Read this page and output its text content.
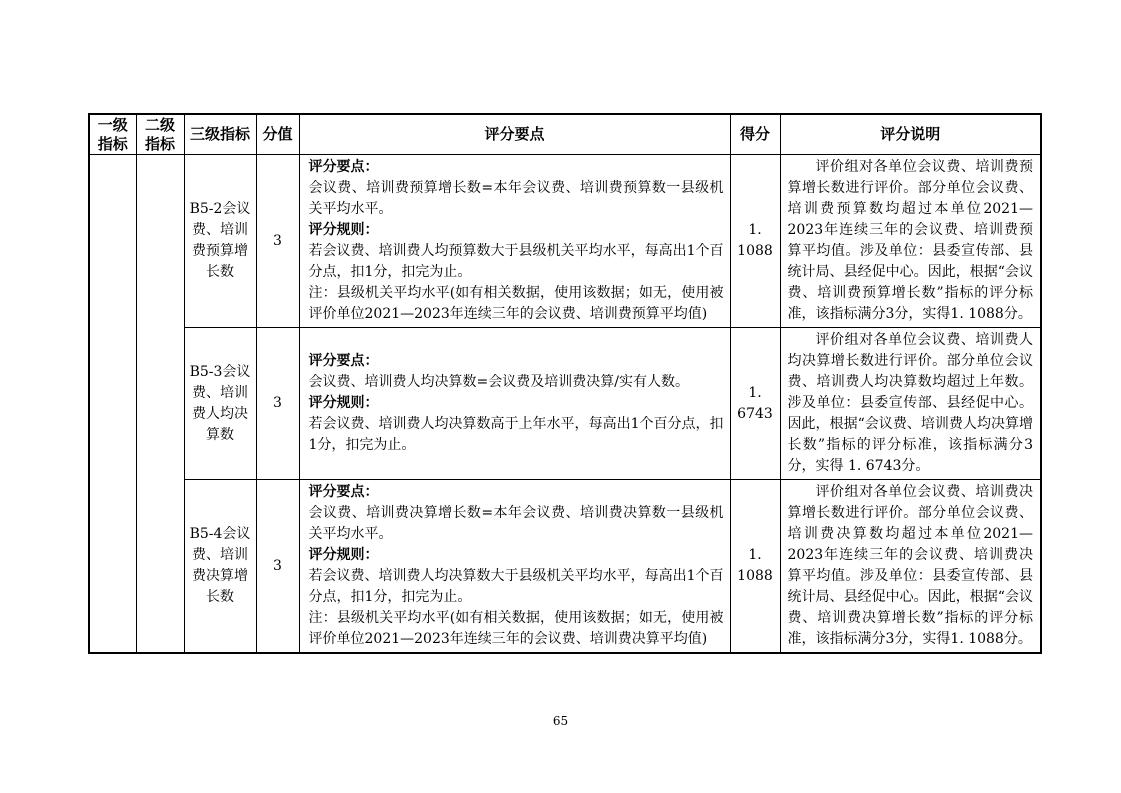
一级指标	二级指标	三级指标	分值	评分要点	得分	评分说明
		B5-2会议费、培训费预算增长数	3	评分要点：
会议费、培训费预算增长数=本年会议费、培训费预算数一县级机关平均水平。
评分规则：
若会议费、培训费人均预算数大于县级机关平均水平，每高出1个百分点，扣1分，扣完为止。
注：县级机关平均水平(如有相关数据，使用该数据；如无，使用被评价单位2021—2023年连续三年的会议费、培训费预算平均值)	1. 1088	评价组对各单位会议费、培训费预算增长数进行评价。部分单位会议费、培训费预算数均超过本单位2021—2023年连续三年的会议费、培训费预算平均值。涉及单位：县委宣传部、县统计局、县经促中心。因此，根据“会议费、培训费预算增长数”指标的评分标准，该指标满分3分，实得1. 1088分。

		B5-3会议费、培训费人均决算数	3	评分要点：
会议费、培训费人均决算数=会议费及培训费决算/实有人数。
评分规则：
若会议费、培训费人均决算数高于上年水平，每高出1个百分点，扣1分，扣完为止。	1. 6743	评价组对各单位会议费、培训费人均决算增长数进行评价。部分单位会议费、培训费人均决算数均超过上年数。涉及单位：县委宣传部、县经促中心。因此，根据“会议费、培训费人均决算增长数”指标的评分标准，该指标满分3分，实得 1. 6743分。

		B5-4会议费、培训费决算增长数	3	评分要点：
会议费、培训费决算增长数=本年会议费、培训费决算数一县级机关平均水平。
评分规则：
若会议费、培训费人均决算数大于县级机关平均水平，每高出1个百分点，扣1分，扣完为止。
注：县级机关平均水平(如有相关数据，使用该数据；如无，使用被评价单位2021—2023年连续三年的会议费、培训费决算平均值)	1. 1088	评价组对各单位会议费、培训费决算增长数进行评价。部分单位会议费、培训费决算数均超过本单位2021—2023年连续三年的会议费、培训费决算平均值。涉及单位：县委宣传部、县统计局、县经促中心。因此，根据“会议费、培训费决算增长数”指标的评分标准，该指标满分3分，实得1. 1088分。
65
